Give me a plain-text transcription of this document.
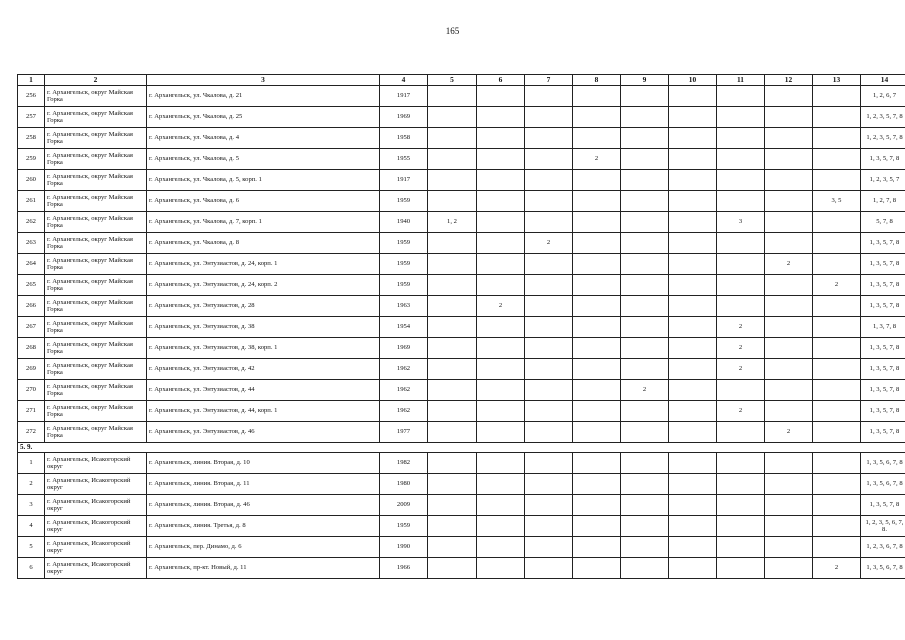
165
1	2	3	4	5	6	7	8	9	10	11	12	13	14
256	г. Архангельск, округ Майская Горка	г. Архангельск, ул. Чкалова, д. 21	1917										1, 2, 6, 7
257	г. Архангельск, округ Майская Горка	г. Архангельск, ул. Чкалова, д. 25	1969										1, 2, 3, 5, 7, 8
258	г. Архангельск, округ Майская Горка	г. Архангельск, ул. Чкалова, д. 4	1958										1, 2, 3, 5, 7, 8
259	г. Архангельск, округ Майская Горка	г. Архангельск, ул. Чкалова, д. 5	1955				2						1, 3, 5, 7, 8
260	г. Архангельск, округ Майская Горка	г. Архангельск, ул. Чкалова, д. 5, корп. 1	1917										1, 2, 3, 5, 7
261	г. Архангельск, округ Майская Горка	г. Архангельск, ул. Чкалова, д. 6	1959									3, 5	1, 2, 7, 8
262	г. Архангельск, округ Майская Горка	г. Архангельск, ул. Чкалова, д. 7, корп. 1	1940	1, 2						3			5, 7, 8
263	г. Архангельск, округ Майская Горка	г. Архангельск, ул. Чкалова, д. 8	1959			2							1, 3, 5, 7, 8
264	г. Архангельск, округ Майская Горка	г. Архангельск, ул. Энтузиастов, д. 24, корп. 1	1959								2		1, 3, 5, 7, 8
265	г. Архангельск, округ Майская Горка	г. Архангельск, ул. Энтузиастов, д. 24, корп. 2	1959									2	1, 3, 5, 7, 8
266	г. Архангельск, округ Майская Горка	г. Архангельск, ул. Энтузиастов, д. 28	1963		2								1, 3, 5, 7, 8
267	г. Архангельск, округ Майская Горка	г. Архангельск, ул. Энтузиастов, д. 38	1954							2			1, 3, 7, 8
268	г. Архангельск, округ Майская Горка	г. Архангельск, ул. Энтузиастов, д. 38, корп. 1	1969							2			1, 3, 5, 7, 8
269	г. Архангельск, округ Майская Горка	г. Архангельск, ул. Энтузиастов, д. 42	1962							2			1, 3, 5, 7, 8
270	г. Архангельск, округ Майская Горка	г. Архангельск, ул. Энтузиастов, д. 44	1962					2					1, 3, 5, 7, 8
271	г. Архангельск, округ Майская Горка	г. Архангельск, ул. Энтузиастов, д. 44, корп. 1	1962							2			1, 3, 5, 7, 8
272	г. Архангельск, округ Майская Горка	г. Архангельск, ул. Энтузиастов, д. 46	1977								2		1, 3, 5, 7, 8
5. 9.													
1	г. Архангельск, Исакогорский округ	г. Архангельск, линия. Вторая, д. 10	1982										1, 3, 5, 6, 7, 8
2	г. Архангельск, Исакогорский округ	г. Архангельск, линия. Вторая, д. 11	1980										1, 3, 5, 6, 7, 8
3	г. Архангельск, Исакогорский округ	г. Архангельск, линия. Вторая, д. 46	2009										1, 3, 5, 7, 8
4	г. Архангельск, Исакогорский округ	г. Архангельск, линия. Третья, д. 8	1959										1, 2, 3, 5, 6, 7, 8.
5	г. Архангельск, Исакогорский округ	г. Архангельск, пер. Динамо, д. 6	1990										1, 2, 3, 6, 7, 8
6	г. Архангельск, Исакогорский округ	г. Архангельск, пр-кт. Новый, д. 11	1966									2	1, 3, 5, 6, 7, 8
